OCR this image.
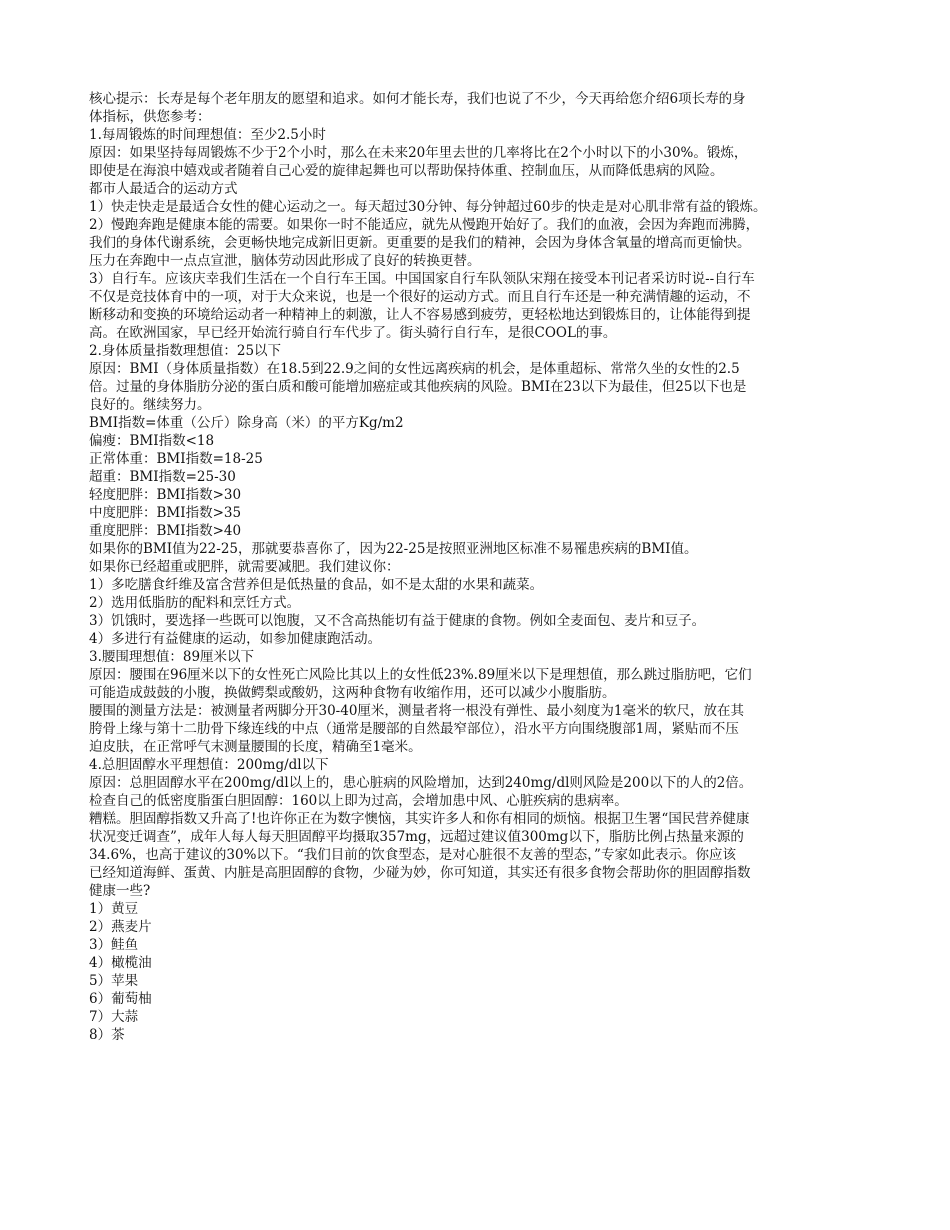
核心提示：长寿是每个老年朋友的愿望和追求。如何才能长寿，我们也说了不少，今天再给您介绍6项长寿的身
体指标，供您参考：
1.每周锻炼的时间理想值：至少2.5小时
原因：如果坚持每周锻炼不少于2个小时，那么在未来20年里去世的几率将比在2个小时以下的小30%。锻炼，
即使是在海浪中嬉戏或者随着自己心爱的旋律起舞也可以帮助保持体重、控制血压，从而降低患病的风险。
都市人最适合的运动方式
1）快走快走是最适合女性的健心运动之一。每天超过30分钟、每分钟超过60步的快走是对心肌非常有益的锻炼。
2）慢跑奔跑是健康本能的需要。如果你一时不能适应，就先从慢跑开始好了。我们的血液，会因为奔跑而沸腾，
我们的身体代谢系统，会更畅快地完成新旧更新。更重要的是我们的精神，会因为身体含氧量的增高而更愉快。
压力在奔跑中一点点宣泄，脑体劳动因此形成了良好的转换更替。
3）自行车。应该庆幸我们生活在一个自行车王国。中国国家自行车队领队宋翔在接受本刊记者采访时说--自行车
不仅是竞技体育中的一项，对于大众来说，也是一个很好的运动方式。而且自行车还是一种充满情趣的运动，不
断移动和变换的环境给运动者一种精神上的刺激，让人不容易感到疲劳，更轻松地达到锻炼目的，让体能得到提
高。在欧洲国家，早已经开始流行骑自行车代步了。街头骑行自行车，是很COOL的事。
2.身体质量指数理想值：25以下
原因：BMI（身体质量指数）在18.5到22.9之间的女性远离疾病的机会，是体重超标、常常久坐的女性的2.5
倍。过量的身体脂肪分泌的蛋白质和酸可能增加癌症或其他疾病的风险。BMI在23以下为最佳，但25以下也是
良好的。继续努力。
BMI指数=体重（公斤）除身高（米）的平方Kg/m2
偏瘦：BMI指数<18
正常体重：BMI指数=18-25
超重：BMI指数=25-30
轻度肥胖：BMI指数>30
中度肥胖：BMI指数>35
重度肥胖：BMI指数>40
如果你的BMI值为22-25，那就要恭喜你了，因为22-25是按照亚洲地区标准不易罹患疾病的BMI值。
如果你已经超重或肥胖，就需要减肥。我们建议你：
1）多吃膳食纤维及富含营养但是低热量的食品，如不是太甜的水果和蔬菜。
2）选用低脂肪的配料和烹饪方式。
3）饥饿时，要选择一些既可以饱腹，又不含高热能切有益于健康的食物。例如全麦面包、麦片和豆子。
4）多进行有益健康的运动，如参加健康跑活动。
3.腰围理想值：89厘米以下
原因：腰围在96厘米以下的女性死亡风险比其以上的女性低23%.89厘米以下是理想值，那么跳过脂肪吧，它们
可能造成鼓鼓的小腹，换做鳄梨或酸奶，这两种食物有收缩作用，还可以减少小腹脂肪。
腰围的测量方法是：被测量者两脚分开30-40厘米，测量者将一根没有弹性、最小刻度为1毫米的软尺，放在其
胯骨上缘与第十二肋骨下缘连线的中点（通常是腰部的自然最窄部位），沿水平方向围绕腹部1周，紧贴而不压
迫皮肤，在正常呼气末测量腰围的长度，精确至1毫米。
4.总胆固醇水平理想值：200mg/dl以下
原因：总胆固醇水平在200mg/dl以上的，患心脏病的风险增加，达到240mg/dl则风险是200以下的人的2倍。
检查自己的低密度脂蛋白胆固醇：160以上即为过高，会增加患中风、心脏疾病的患病率。
糟糕。胆固醇指数又升高了!也许你正在为数字懊恼，其实许多人和你有相同的烦恼。根据卫生署“国民营养健康
状况变迁调查”，成年人每人每天胆固醇平均摄取357mg，远超过建议值300mg以下，脂肪比例占热量来源的
34.6%，也高于建议的30%以下。“我们目前的饮食型态，是对心脏很不友善的型态，”专家如此表示。你应该
已经知道海鲜、蛋黄、内脏是高胆固醇的食物，少碰为妙，你可知道，其实还有很多食物会帮助你的胆固醇指数
健康一些?
1）黄豆
2）燕麦片
3）鲑鱼
4）橄榄油
5）苹果
6）葡萄柚
7）大蒜
8）茶
